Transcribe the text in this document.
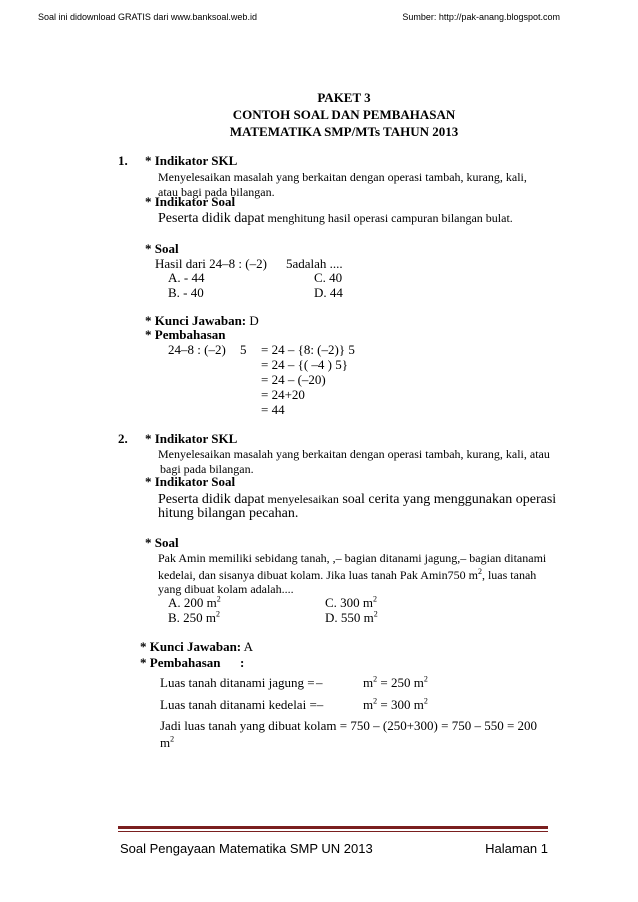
Soal ini didownload GRATIS dari www.banksoal.web.id	Sumber: http://pak-anang.blogspot.com
PAKET 3
CONTOH SOAL DAN PEMBAHASAN
MATEMATIKA SMP/MTs TAHUN 2013
1. * Indikator SKL
Menyelesaikan masalah yang berkaitan dengan operasi tambah, kurang, kali,
atau bagi pada bilangan.
* Indikator Soal
Peserta didik dapat menghitung hasil operasi campuran bilangan bulat.
* Soal
Hasil dari 24–8 : (–2) 5adalah ....
A. - 44
B. - 40
C. 40
D. 44
* Kunci Jawaban: D
* Pembahasan
24–8 : (–2) 5 = 24 – {8: (–2)} 5
= 24 – {( –4 ) 5}
= 24 – (–20)
= 24+20
= 44
2. * Indikator SKL
Menyelesaikan masalah yang berkaitan dengan operasi tambah, kurang, kali, atau
bagi pada bilangan.
* Indikator Soal
Peserta didik dapat menyelesaikan soal cerita yang menggunakan operasi
hitung bilangan pecahan.
* Soal
Pak Amin memiliki sebidang tanah, ,– bagian ditanami jagung,– bagian ditanami
kedelai, dan sisanya dibuat kolam. Jika luas tanah Pak Amin750 $m^2$, luas tanah
yang dibuat kolam adalah....
A. 200 $m^2$
B. 250 $m^2$
C. 300 $m^2$
D. 550 $m^2$
* Kunci Jawaban: A
* Pembahasan :
Luas tanah ditanami jagung = –	$m^2 = 250$ $m^2$
Luas tanah ditanami kedelai =–	$m^2 = 300$ $m^2$
Jadi luas tanah yang dibuat kolam = 750 – (250+300) = 750 – 550 = 200
$m^2$
Soal Pengayaan Matematika SMP UN 2013	Halaman 1
